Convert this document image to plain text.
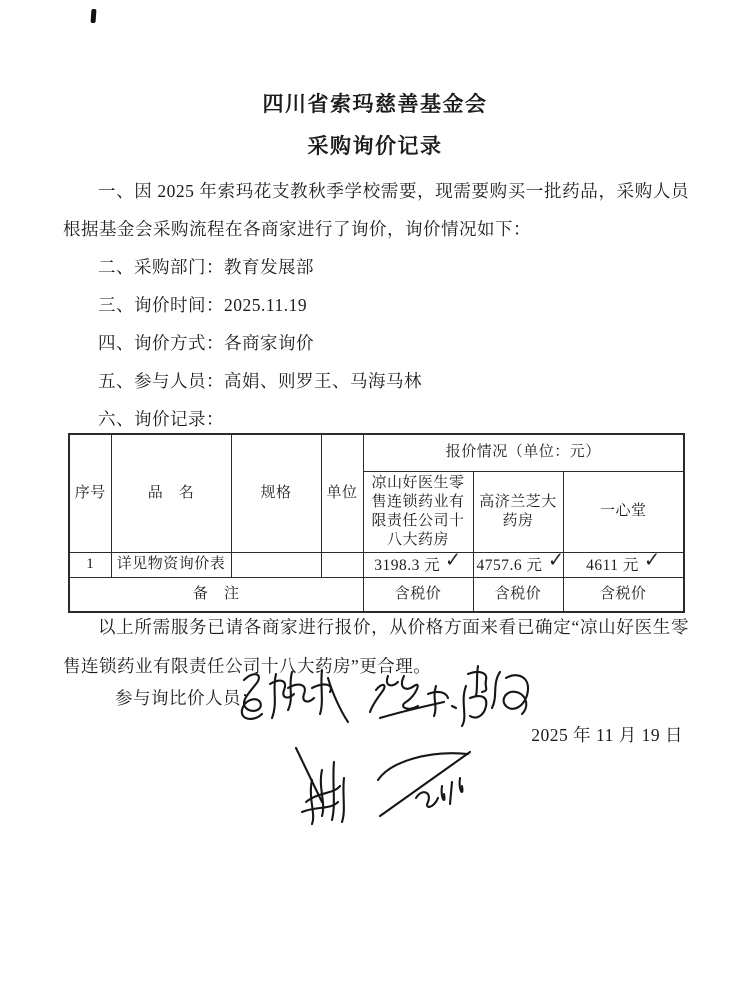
四川省索玛慈善基金会
采购询价记录
一、因 2025 年索玛花支教秋季学校需要，现需要购买一批药品，采购人员根据基金会采购流程在各商家进行了询价，询价情况如下：
二、采购部门：教育发展部
三、询价时间：2025.11.19
四、询价方式：各商家询价
五、参与人员：高娟、则罗王、马海马林
六、询价记录：
序号	品　名	规格	单位	报价情况（单位：元）		
				凉山好医生零售连锁药业有限责任公司十八大药房	高济兰芝大药房	一心堂
1	详见物资询价表			3198.3 元 ✓	4757.6 元 ✓	4611 元 ✓
备　注				含税价	含税价	含税价
以上所需服务已请各商家进行报价，从价格方面来看已确定“凉山好医生零售连锁药业有限责任公司十八大药房”更合理。
参与询比价人员：
2025 年 11 月 19 日
